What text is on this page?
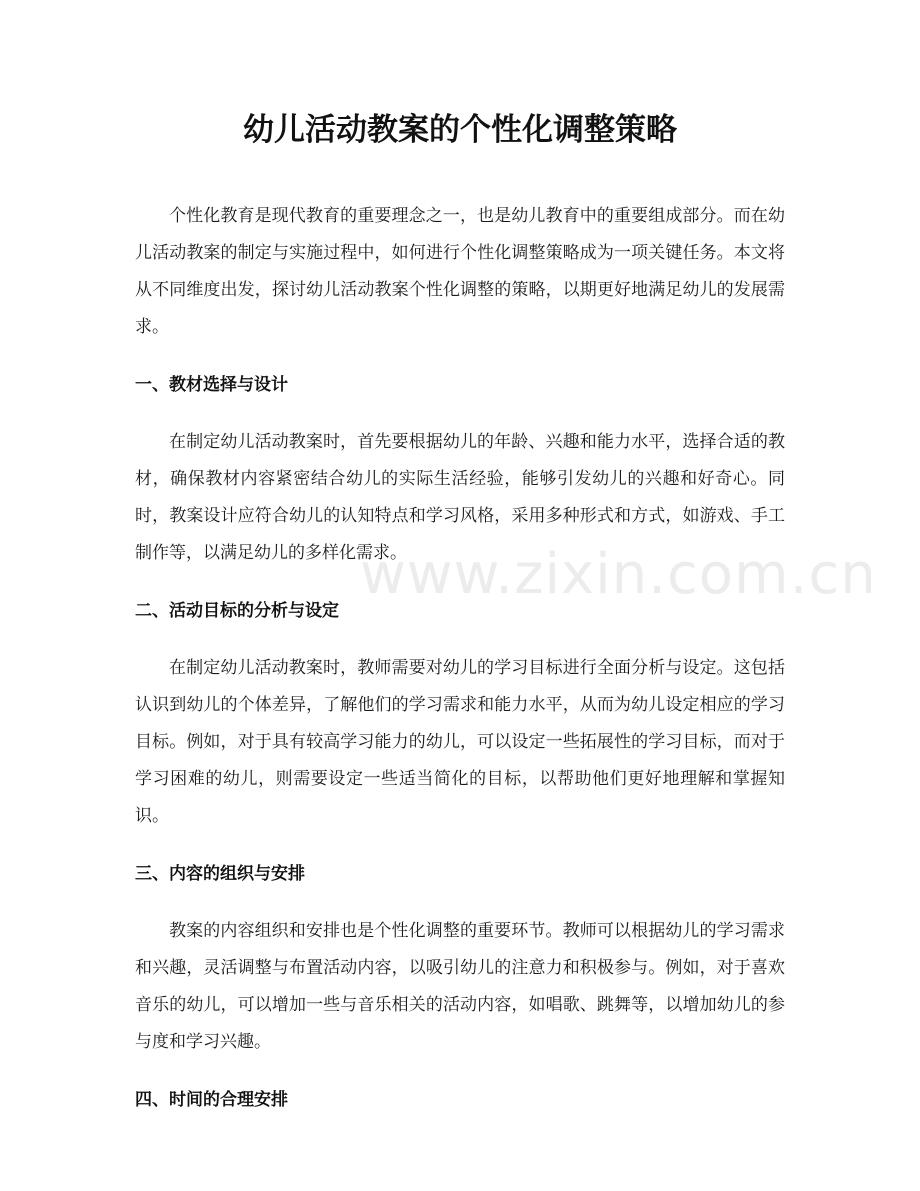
幼儿活动教案的个性化调整策略

个性化教育是现代教育的重要理念之一，也是幼儿教育中的重要组成部分。而在幼儿活动教案的制定与实施过程中，如何进行个性化调整策略成为一项关键任务。本文将从不同维度出发，探讨幼儿活动教案个性化调整的策略，以期更好地满足幼儿的发展需求。

一、教材选择与设计

在制定幼儿活动教案时，首先要根据幼儿的年龄、兴趣和能力水平，选择合适的教材，确保教材内容紧密结合幼儿的实际生活经验，能够引发幼儿的兴趣和好奇心。同时，教案设计应符合幼儿的认知特点和学习风格，采用多种形式和方式，如游戏、手工制作等，以满足幼儿的多样化需求。

二、活动目标的分析与设定

在制定幼儿活动教案时，教师需要对幼儿的学习目标进行全面分析与设定。这包括认识到幼儿的个体差异，了解他们的学习需求和能力水平，从而为幼儿设定相应的学习目标。例如，对于具有较高学习能力的幼儿，可以设定一些拓展性的学习目标，而对于学习困难的幼儿，则需要设定一些适当简化的目标，以帮助他们更好地理解和掌握知识。

三、内容的组织与安排

教案的内容组织和安排也是个性化调整的重要环节。教师可以根据幼儿的学习需求和兴趣，灵活调整与布置活动内容，以吸引幼儿的注意力和积极参与。例如，对于喜欢音乐的幼儿，可以增加一些与音乐相关的活动内容，如唱歌、跳舞等，以增加幼儿的参与度和学习兴趣。

四、时间的合理安排
www.zixin.com.cn
